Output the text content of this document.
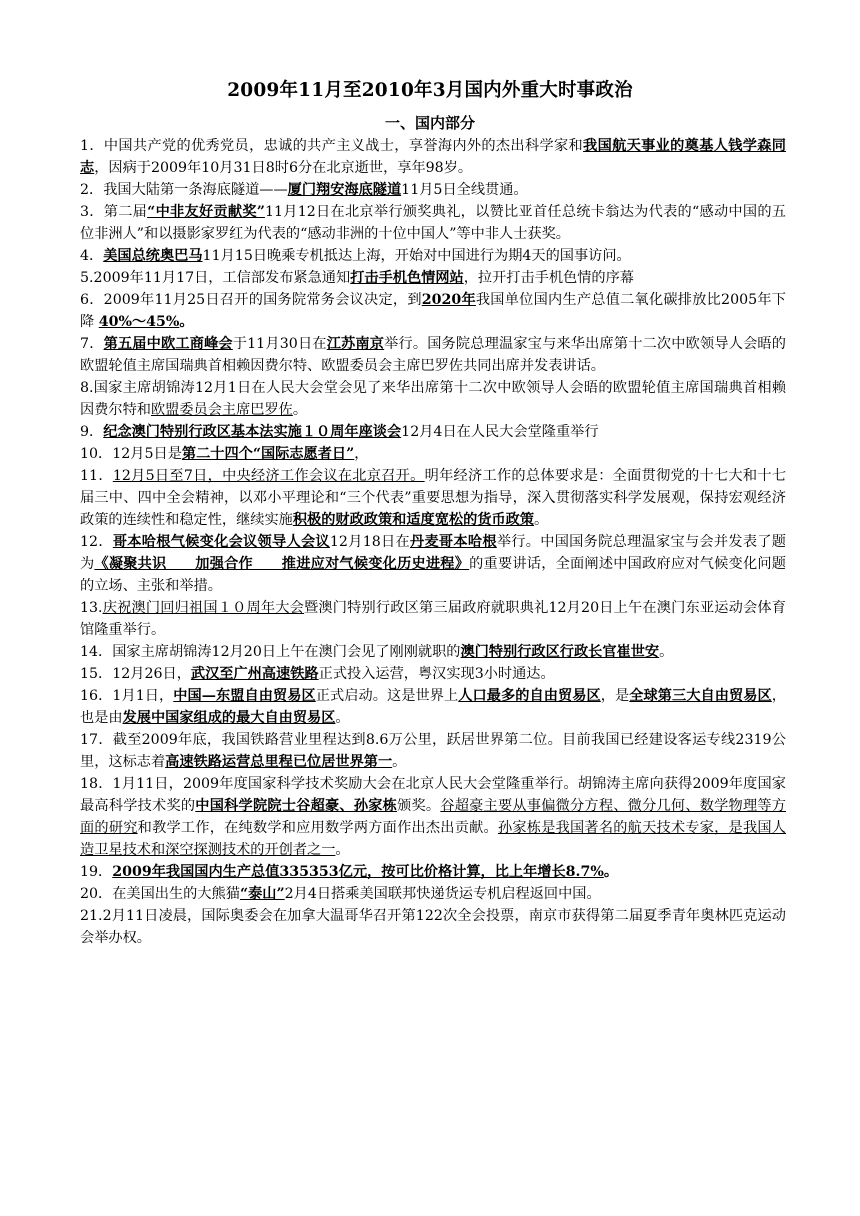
2009年11月至2010年3月国内外重大时事政治
一、国内部分

1．中国共产党的优秀党员，忠诚的共产主义战士，享誉海内外的杰出科学家和我国航天事业的奠基人钱学森同志，因病于2009年10月31日8时6分在北京逝世，享年98岁。

2．我国大陆第一条海底隧道——厦门翔安海底隧道11月5日全线贯通。

3．第二届“中非友好贡献奖”11月12日在北京举行颁奖典礼，以赞比亚首任总统卡翁达为代表的“感动中国的五位非洲人”和以摄影家罗红为代表的“感动非洲的十位中国人”等中非人士获奖。

4．美国总统奥巴马11月15日晚乘专机抵达上海，开始对中国进行为期4天的国事访问。

5.2009年11月17日，工信部发布紧急通知打击手机色情网站，拉开打击手机色情的序幕

6．2009年11月25日召开的国务院常务会议决定，到2020年我国单位国内生产总值二氧化碳排放比2005年下降 40%～45%。

7．第五届中欧工商峰会于11月30日在江苏南京举行。国务院总理温家宝与来华出席第十二次中欧领导人会晤的欧盟轮值主席国瑞典首相赖因费尔特、欧盟委员会主席巴罗佐共同出席并发表讲话。

8.国家主席胡锦涛12月1日在人民大会堂会见了来华出席第十二次中欧领导人会晤的欧盟轮值主席国瑞典首相赖因费尔特和欧盟委员会主席巴罗佐。

9．纪念澳门特别行政区基本法实施１０周年座谈会12月4日在人民大会堂隆重举行

10．12月5日是第二十四个“国际志愿者日”，

11．12月5日至7日，中央经济工作会议在北京召开。明年经济工作的总体要求是：全面贯彻党的十七大和十七届三中、四中全会精神，以邓小平理论和“三个代表”重要思想为指导，深入贯彻落实科学发展观，保持宏观经济政策的连续性和稳定性，继续实施积极的财政政策和适度宽松的货币政策。

12．哥本哈根气候变化会议领导人会议12月18日在丹麦哥本哈根举行。中国国务院总理温家宝与会并发表了题为《凝聚共识　　加强合作　　推进应对气候变化历史进程》的重要讲话，全面阐述中国政府应对气候变化问题的立场、主张和举措。

13.庆祝澳门回归祖国１０周年大会暨澳门特别行政区第三届政府就职典礼12月20日上午在澳门东亚运动会体育馆隆重举行。

14．国家主席胡锦涛12月20日上午在澳门会见了刚刚就职的澳门特别行政区行政长官崔世安。

15．12月26日，武汉至广州高速铁路正式投入运营，粤汉实现3小时通达。

16．1月1日，中国—东盟自由贸易区正式启动。这是世界上人口最多的自由贸易区，是全球第三大自由贸易区，也是由发展中国家组成的最大自由贸易区。

17．截至2009年底，我国铁路营业里程达到8.6万公里，跃居世界第二位。目前我国已经建设客运专线2319公里，这标志着高速铁路运营总里程已位居世界第一。

18．1月11日，2009年度国家科学技术奖励大会在北京人民大会堂隆重举行。胡锦涛主席向获得2009年度国家最高科学技术奖的中国科学院院士谷超豪、孙家栋颁奖。谷超豪主要从事偏微分方程、微分几何、数学物理等方面的研究和教学工作，在纯数学和应用数学两方面作出杰出贡献。孙家栋是我国著名的航天技术专家，是我国人造卫星技术和深空探测技术的开创者之一。

19．2009年我国国内生产总值335353亿元，按可比价格计算，比上年增长8.7%。

20．在美国出生的大熊猫“泰山”2月4日搭乘美国联邦快递货运专机启程返回中国。

21.2月11日凌晨，国际奥委会在加拿大温哥华召开第122次全会投票，南京市获得第二届夏季青年奥林匹克运动会举办权。
